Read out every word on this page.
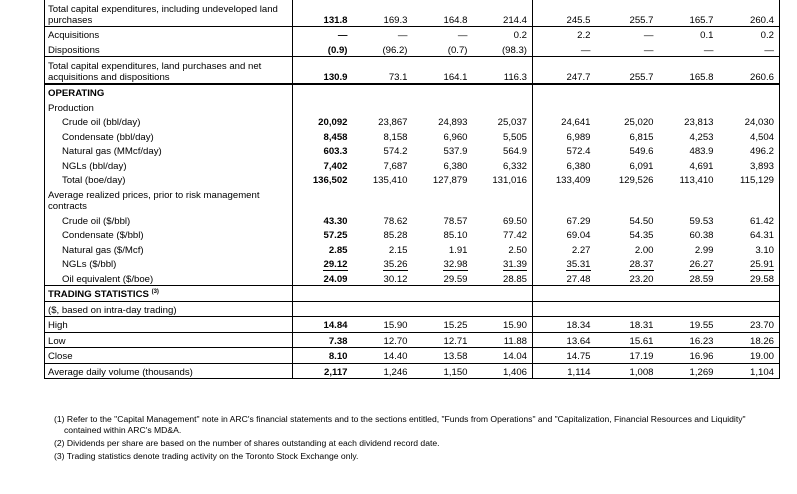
Total capital expenditures, including undeveloped land purchases	131.8	169.3	164.8	214.4	245.5	255.7	165.7	260.4
Acquisitions	—	—	—	0.2	2.2	—	0.1	0.2
Dispositions	(0.9)	(96.2)	(0.7)	(98.3)	—	—	—	—
Total capital expenditures, land purchases and net acquisitions and dispositions	130.9	73.1	164.1	116.3	247.7	255.7	165.8	260.6
OPERATING								
Production								
Crude oil (bbl/day)	20,092	23,867	24,893	25,037	24,641	25,020	23,813	24,030
Condensate (bbl/day)	8,458	8,158	6,960	5,505	6,989	6,815	4,253	4,504
Natural gas (MMcf/day)	603.3	574.2	537.9	564.9	572.4	549.6	483.9	496.2
NGLs (bbl/day)	7,402	7,687	6,380	6,332	6,380	6,091	4,691	3,893
Total (boe/day)	136,502	135,410	127,879	131,016	133,409	129,526	113,410	115,129
Average realized prices, prior to risk management contracts								
Crude oil ($/bbl)	43.30	78.62	78.57	69.50	67.29	54.50	59.53	61.42
Condensate ($/bbl)	57.25	85.28	85.10	77.42	69.04	54.35	60.38	64.31
Natural gas ($/Mcf)	2.85	2.15	1.91	2.50	2.27	2.00	2.99	3.10
NGLs ($/bbl)	29.12	35.26	32.98	31.39	35.31	28.37	26.27	25.91
Oil equivalent ($/boe)	24.09	30.12	29.59	28.85	27.48	23.20	28.59	29.58
TRADING STATISTICS $^{(3)}$								
($, based on intra-day trading)								
High	14.84	15.90	15.25	15.90	18.34	18.31	19.55	23.70
Low	7.38	12.70	12.71	11.88	13.64	15.61	16.23	18.26
Close	8.10	14.40	13.58	14.04	14.75	17.19	16.96	19.00
Average daily volume (thousands)	2,117	1,246	1,150	1,406	1,114	1,008	1,269	1,104

(1) Refer to the "Capital Management" note in ARC's financial statements and to the sections entitled, "Funds from Operations" and "Capitalization, Financial Resources and Liquidity" contained within ARC's MD&A.

(2) Dividends per share are based on the number of shares outstanding at each dividend record date.

(3) Trading statistics denote trading activity on the Toronto Stock Exchange only.
